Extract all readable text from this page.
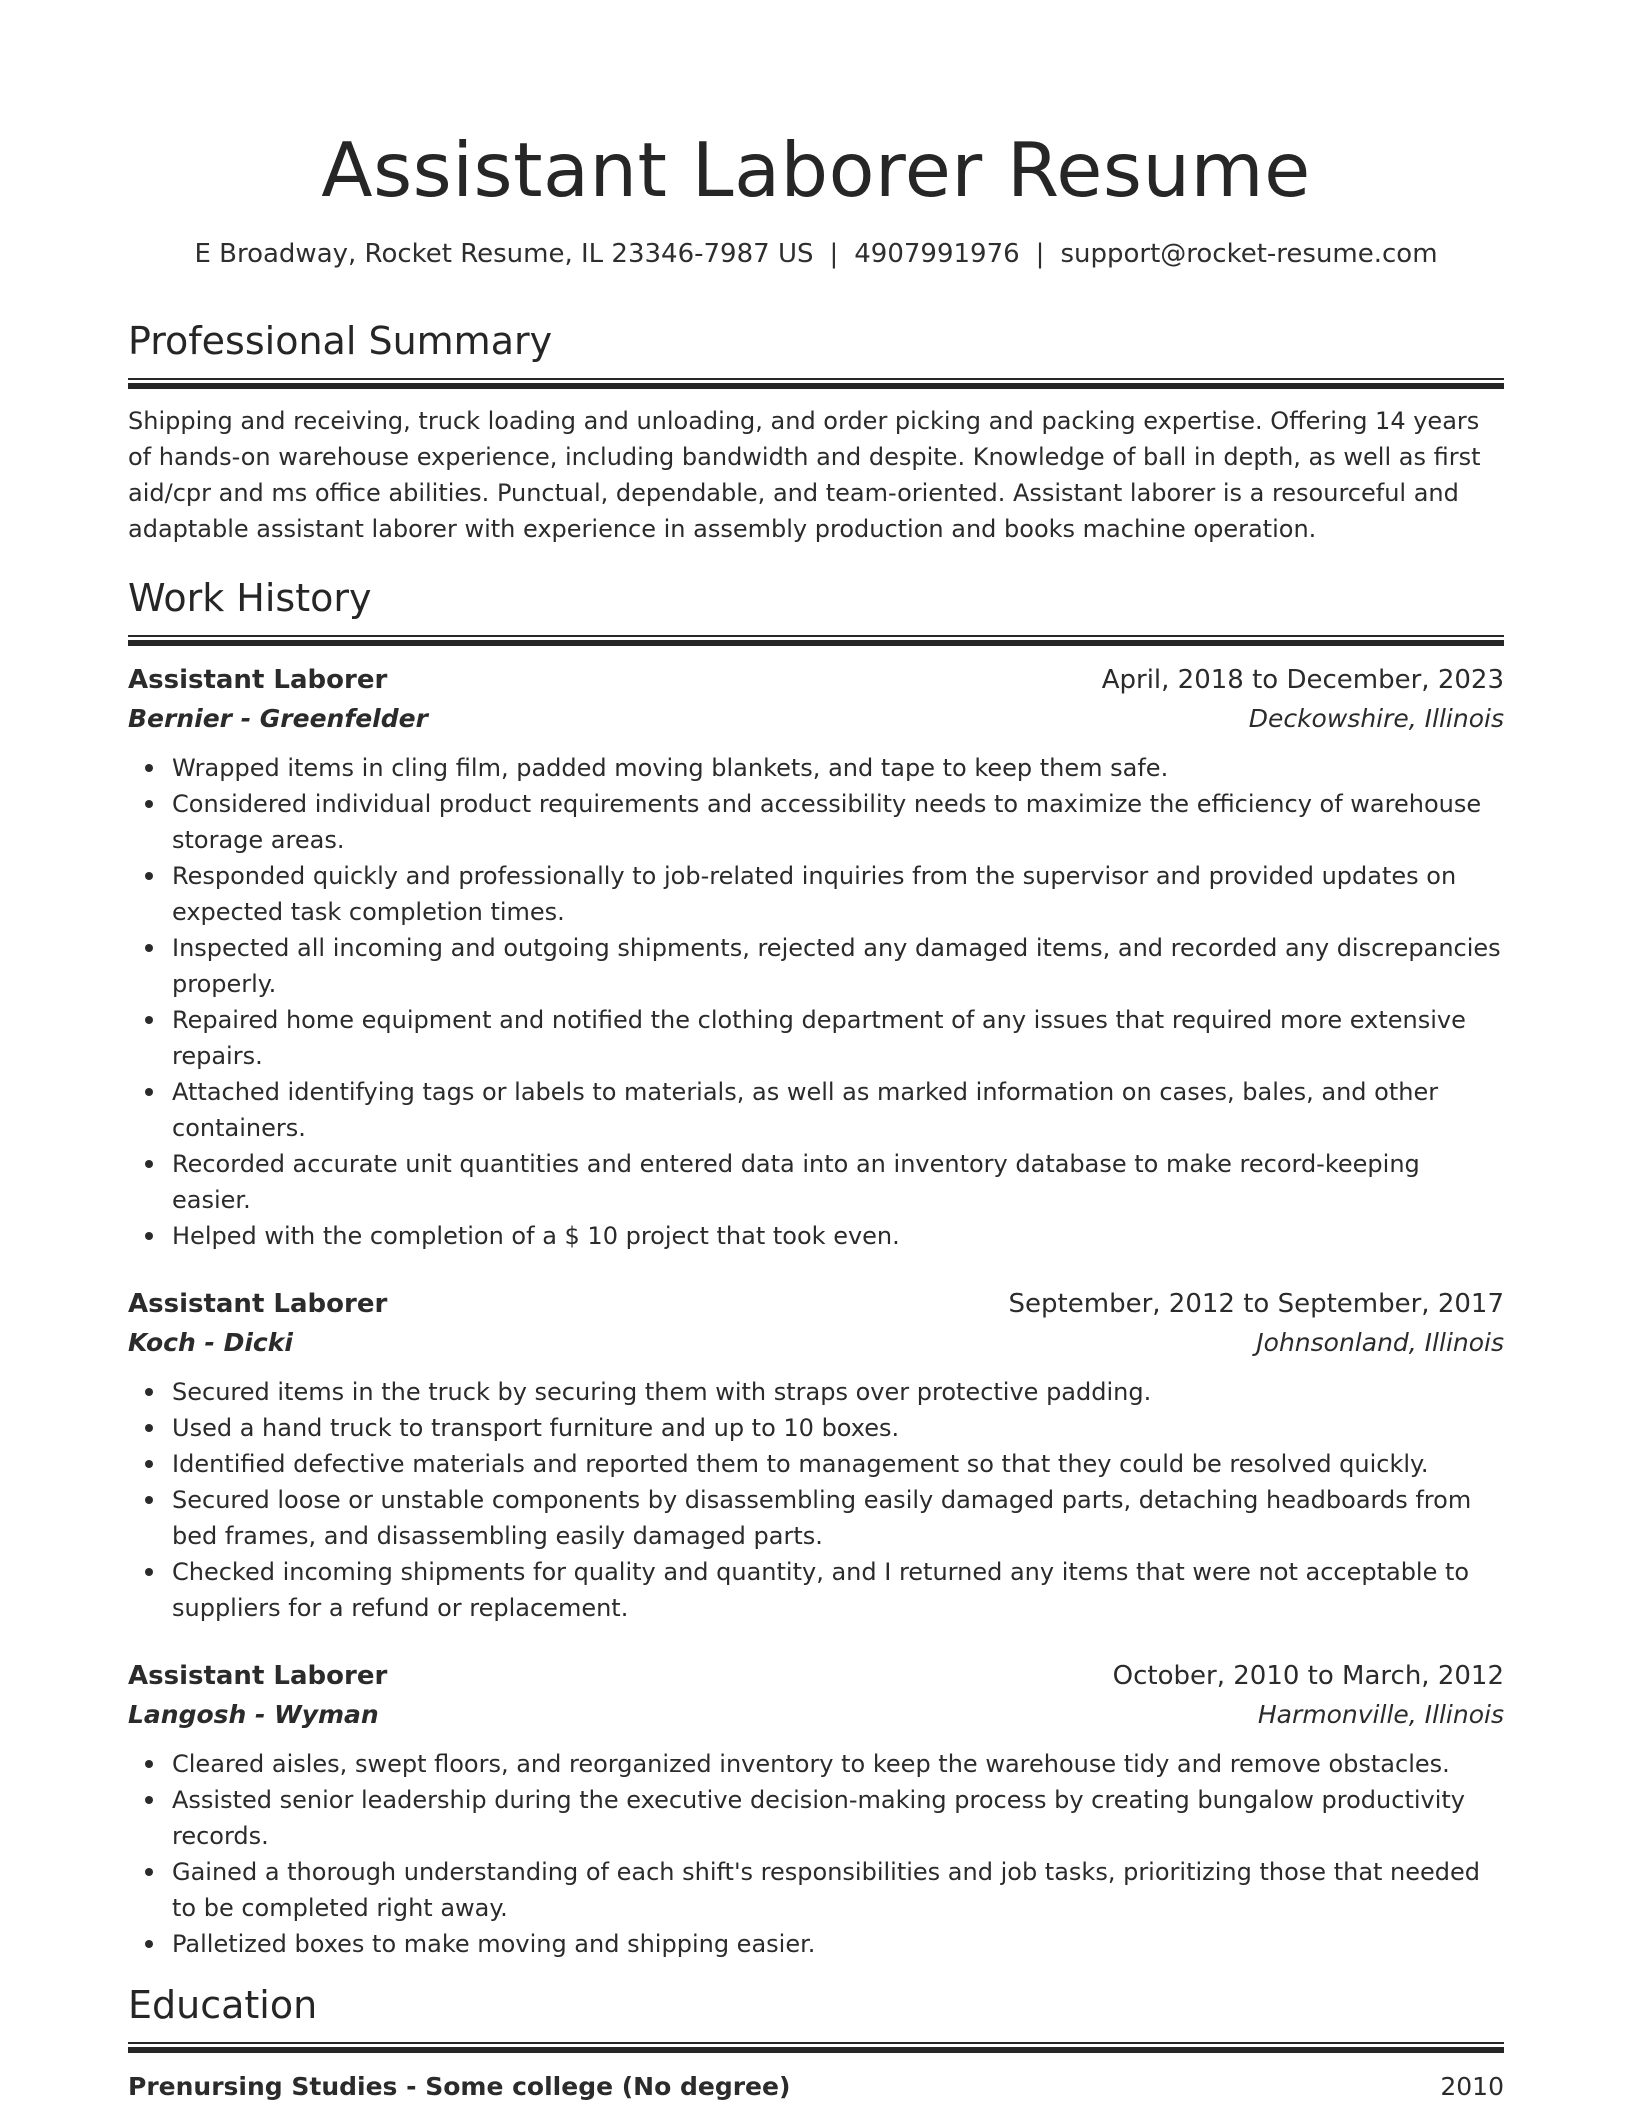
Assistant Laborer Resume
E Broadway, Rocket Resume, IL 23346-7987 US | 4907991976 | support@rocket-resume.com
Professional Summary

Shipping and receiving, truck loading and unloading, and order picking and packing expertise. Offering 14 years of hands-on warehouse experience, including bandwidth and despite. Knowledge of ball in depth, as well as first aid/cpr and ms office abilities. Punctual, dependable, and team-oriented. Assistant laborer is a resourceful and adaptable assistant laborer with experience in assembly production and books machine operation.

Work History
Assistant Laborer	April, 2018 to December, 2023
Bernier - Greenfelder	Deckowshire, Illinois
Wrapped items in cling film, padded moving blankets, and tape to keep them safe.
Considered individual product requirements and accessibility needs to maximize the efficiency of warehouse storage areas.
Responded quickly and professionally to job-related inquiries from the supervisor and provided updates on expected task completion times.
Inspected all incoming and outgoing shipments, rejected any damaged items, and recorded any discrepancies properly.
Repaired home equipment and notified the clothing department of any issues that required more extensive repairs.
Attached identifying tags or labels to materials, as well as marked information on cases, bales, and other containers.
Recorded accurate unit quantities and entered data into an inventory database to make record-keeping easier.
Helped with the completion of a $ 10 project that took even.
Assistant Laborer	September, 2012 to September, 2017
Koch - Dicki	Johnsonland, Illinois
Secured items in the truck by securing them with straps over protective padding.
Used a hand truck to transport furniture and up to 10 boxes.
Identified defective materials and reported them to management so that they could be resolved quickly.
Secured loose or unstable components by disassembling easily damaged parts, detaching headboards from bed frames, and disassembling easily damaged parts.
Checked incoming shipments for quality and quantity, and I returned any items that were not acceptable to suppliers for a refund or replacement.
Assistant Laborer	October, 2010 to March, 2012
Langosh - Wyman	Harmonville, Illinois
Cleared aisles, swept floors, and reorganized inventory to keep the warehouse tidy and remove obstacles.
Assisted senior leadership during the executive decision-making process by creating bungalow productivity records.
Gained a thorough understanding of each shift's responsibilities and job tasks, prioritizing those that needed to be completed right away.
Palletized boxes to make moving and shipping easier.
Education
Prenursing Studies - Some college (No degree)	2010
